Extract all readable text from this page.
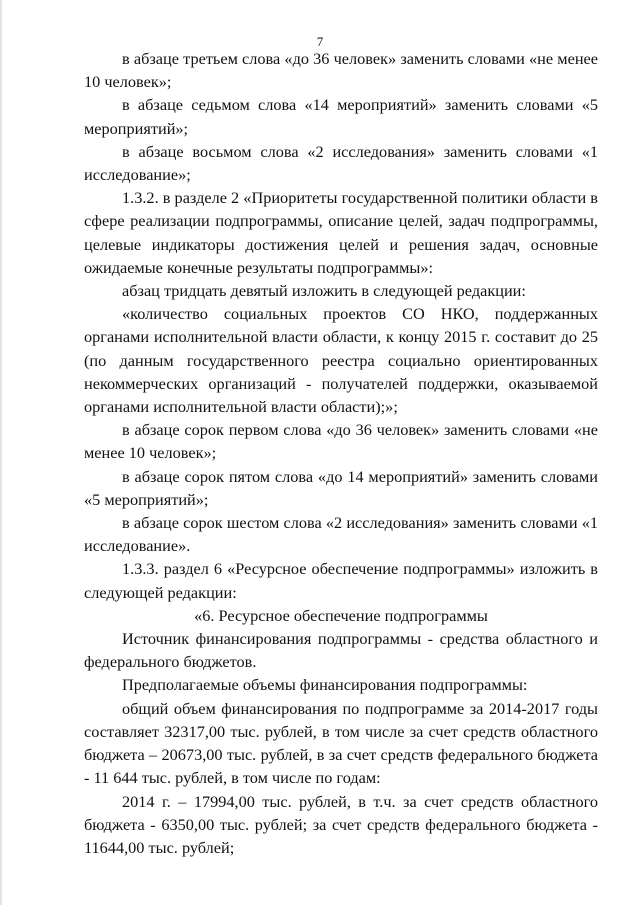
7

в абзаце третьем слова «до 36 человек» заменить словами «не менее 10 человек»;

в абзаце седьмом слова «14 мероприятий» заменить словами «5 мероприятий»;

в абзаце восьмом слова «2 исследования» заменить словами «1 исследование»;

1.3.2. в разделе 2 «Приоритеты государственной политики области в сфере реализации подпрограммы, описание целей, задач подпрограммы, целевые индикаторы достижения целей и решения задач, основные ожидаемые конечные результаты подпрограммы»:

абзац тридцать девятый изложить в следующей редакции:

«количество социальных проектов СО НКО, поддержанных органами исполнительной власти области, к концу 2015 г. составит до 25 (по данным государственного реестра социально ориентированных некоммерческих организаций - получателей поддержки, оказываемой органами исполнительной власти области);»;

в абзаце сорок первом слова «до 36 человек» заменить словами «не менее 10 человек»;

в абзаце сорок пятом слова «до 14 мероприятий» заменить словами «5 мероприятий»;

в абзаце сорок шестом слова «2 исследования» заменить словами «1 исследование».

1.3.3. раздел 6 «Ресурсное обеспечение подпрограммы» изложить в следующей редакции:

«6. Ресурсное обеспечение подпрограммы

Источник финансирования подпрограммы - средства областного и федерального бюджетов.

Предполагаемые объемы финансирования подпрограммы:

общий объем финансирования по подпрограмме за 2014-2017 годы составляет 32317,00 тыс. рублей, в том числе за счет средств областного бюджета – 20673,00 тыс. рублей, в за счет средств федерального бюджета - 11 644 тыс. рублей, в том числе по годам:

2014 г. – 17994,00 тыс. рублей, в т.ч. за счет средств областного бюджета - 6350,00 тыс. рублей; за счет средств федерального бюджета - 11644,00 тыс. рублей;
